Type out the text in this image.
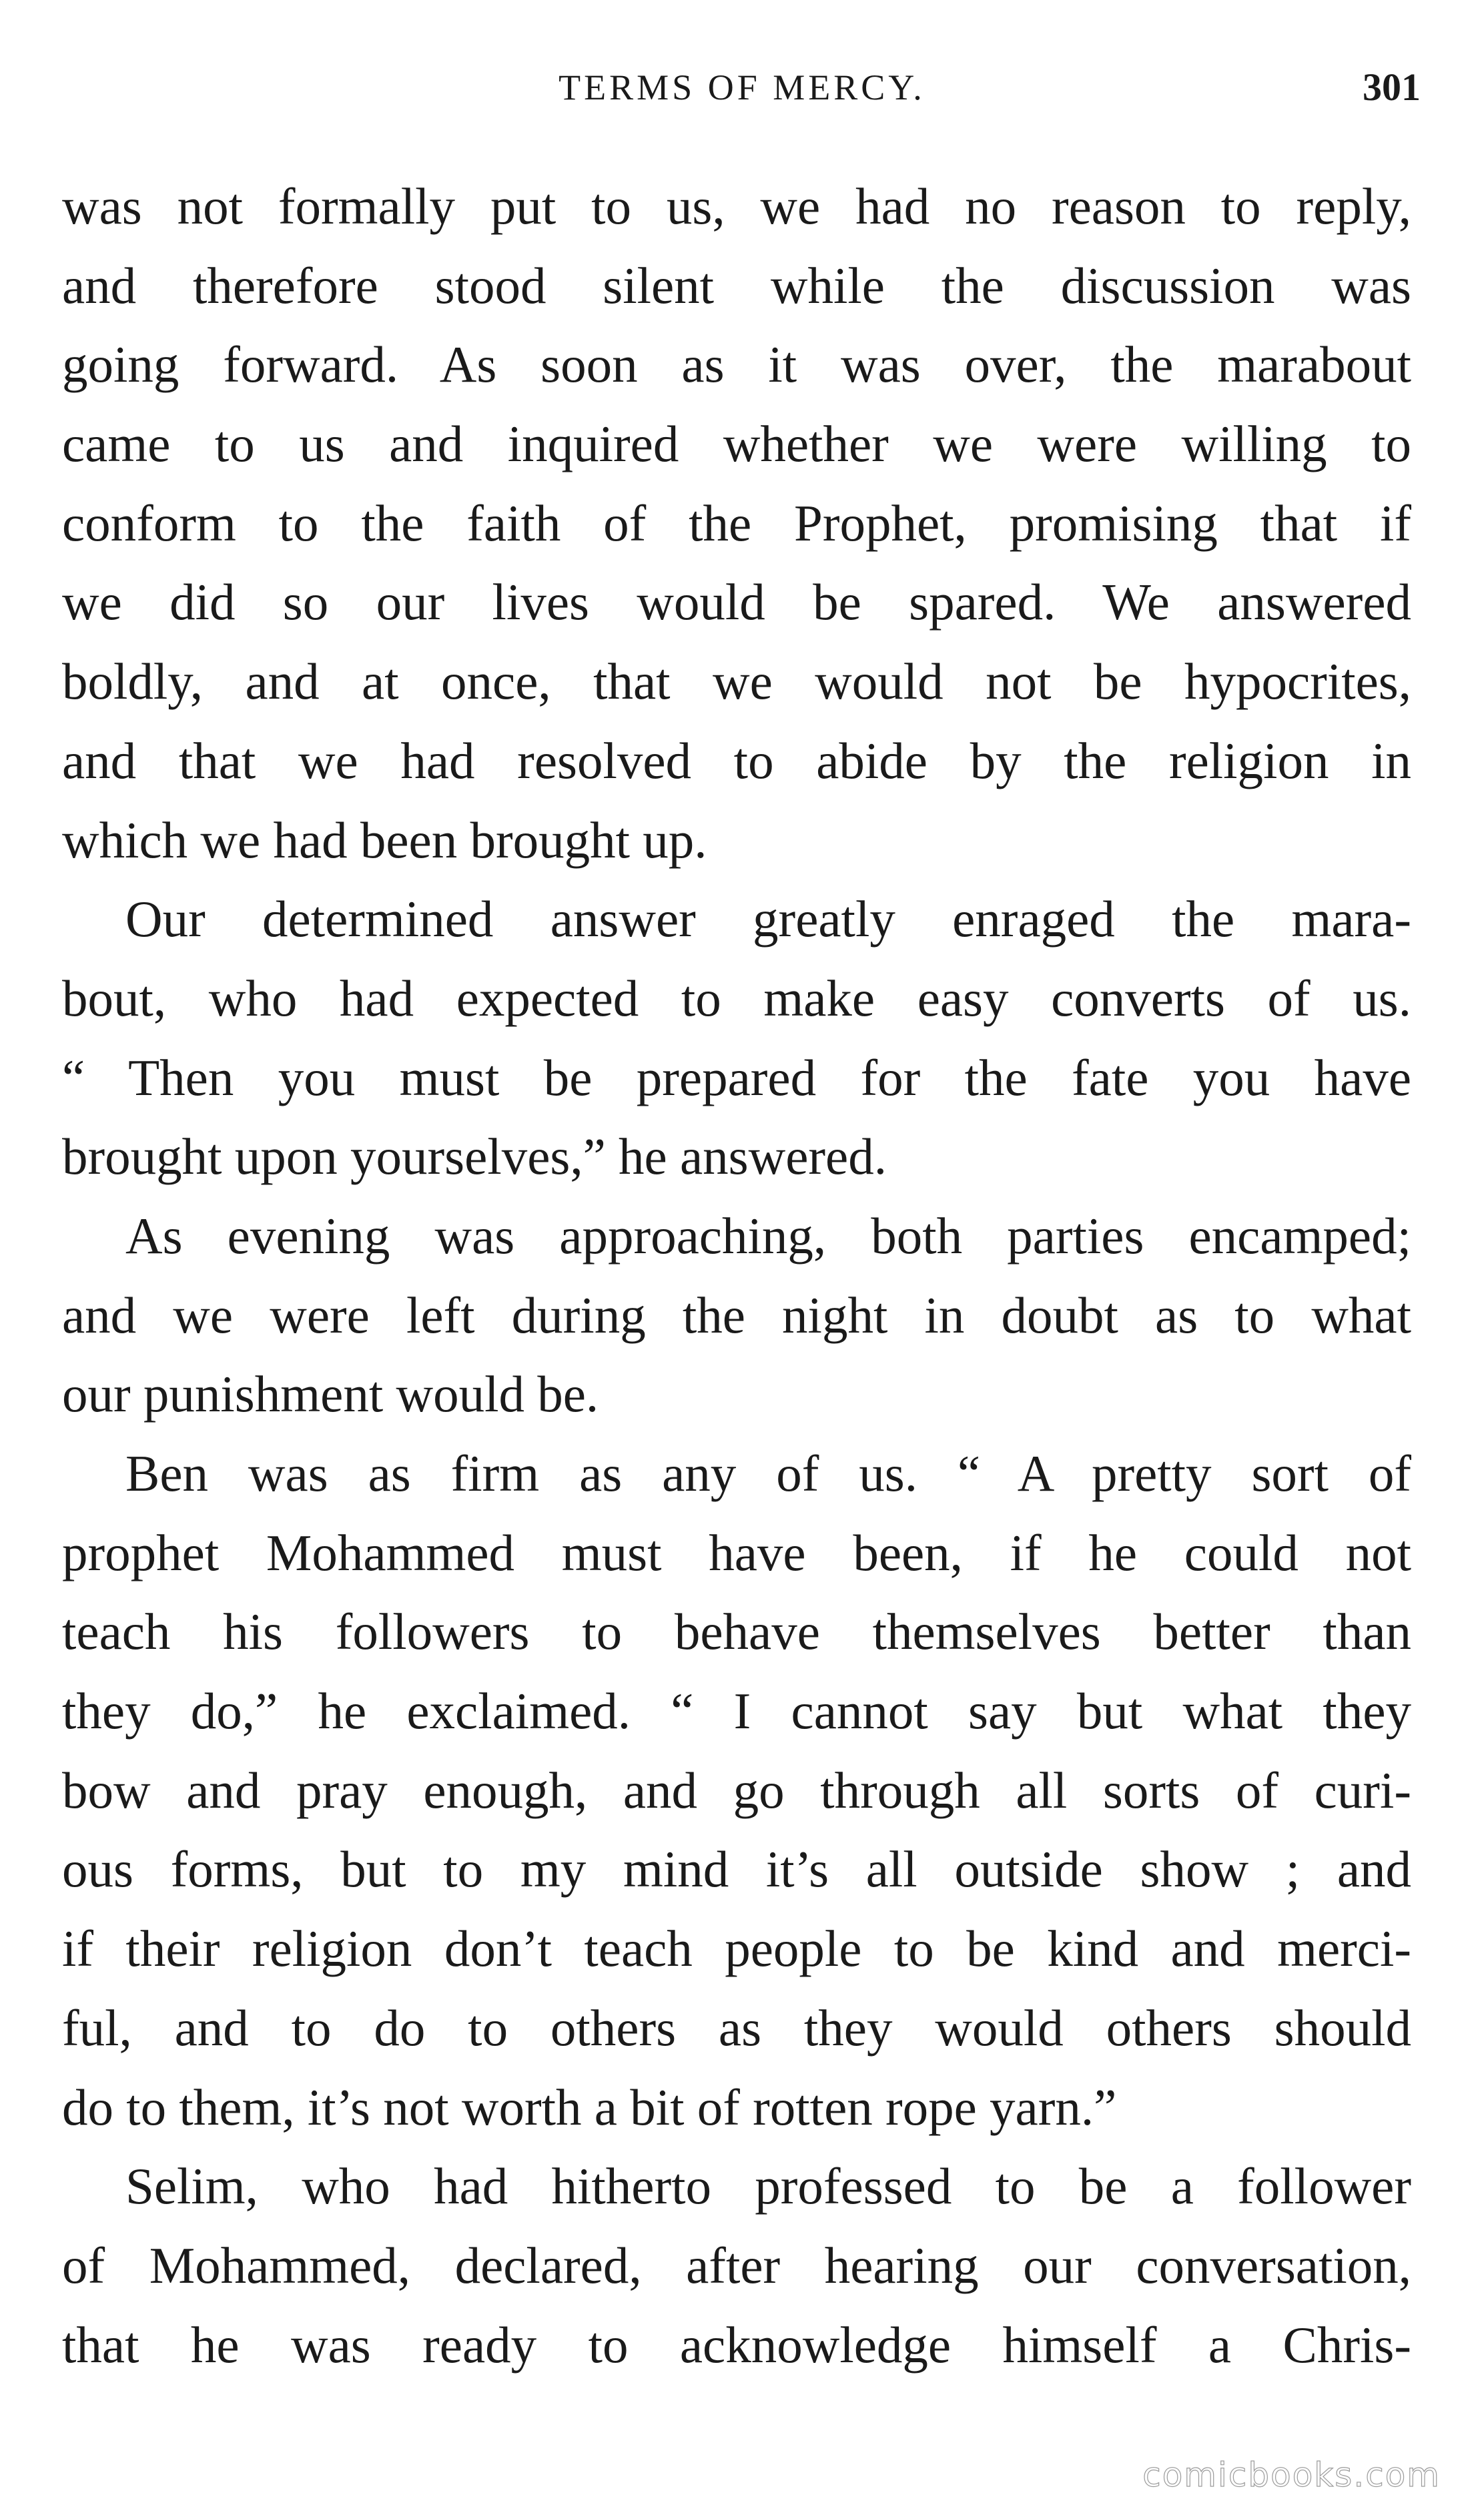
TERMS OF MERCY.	301
was not formally put to us, we had no reason to reply,
and therefore stood silent while the discussion was
going forward. As soon as it was over, the marabout
came to us and inquired whether we were willing to
conform to the faith of the Prophet, promising that if
we did so our lives would be spared. We answered
boldly, and at once, that we would not be hypocrites,
and that we had resolved to abide by the religion in
which we had been brought up.
Our determined answer greatly enraged the mara-
bout, who had expected to make easy converts of us.
“ Then you must be prepared for the fate you have
brought upon yourselves,” he answered.
As evening was approaching, both parties encamped;
and we were left during the night in doubt as to what
our punishment would be.
Ben was as firm as any of us. “ A pretty sort of
prophet Mohammed must have been, if he could not
teach his followers to behave themselves better than
they do,” he exclaimed. “ I cannot say but what they
bow and pray enough, and go through all sorts of curi-
ous forms, but to my mind it’s all outside show ; and
if their religion don’t teach people to be kind and merci-
ful, and to do to others as they would others should
do to them, it’s not worth a bit of rotten rope yarn.”
Selim, who had hitherto professed to be a follower
of Mohammed, declared, after hearing our conversation,
that he was ready to acknowledge himself a Chris-
comicbooks.com
